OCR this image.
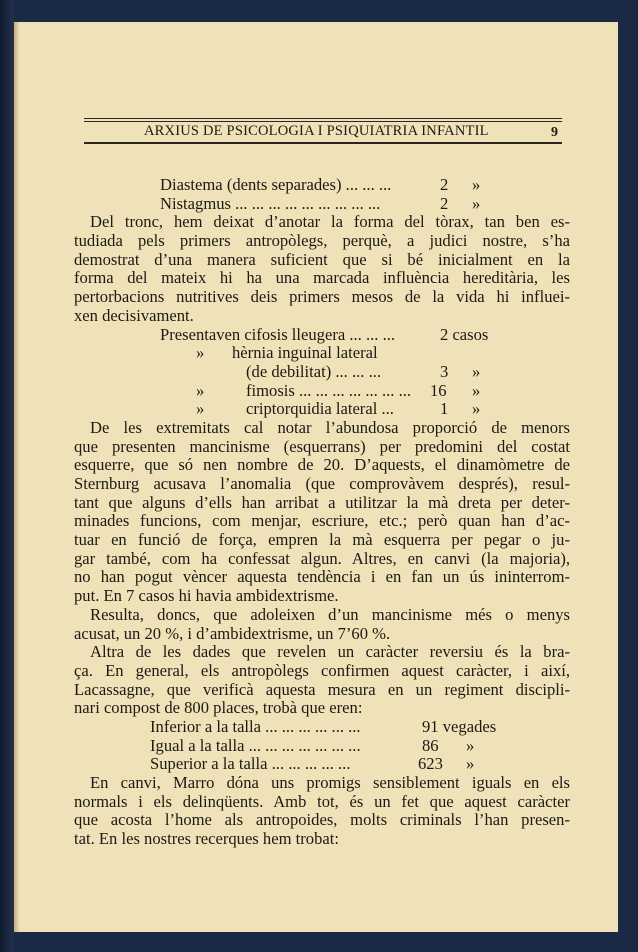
ARXIUS DE PSICOLOGIA I PSIQUIATRIA INFANTIL	9
Diastema (dents separades) ... ... ...	2 »
Nistagmus ... ... ... ... ... ... ... ... ...	2 »
Del tronc, hem deixat d’anotar la forma del tòrax, tan ben es-
tudiada pels primers antropòlegs, perquè, a judici nostre, s’ha
demostrat d’una manera suficient que si bé inicialment en la
forma del mateix hi ha una marcada influència hereditària, les
pertorbacions nutritives deis primers mesos de la vida hi influei-
xen decisivament.
Presentaven cifosis lleugera ... ... ...	2 casos
» hèrnia inguinal lateral
(de debilitat) ... ... ...	3 »
»	fimosis ... ... ... ... ... ... ... 16 »
»	criptorquidia lateral ...	1 »
De les extremitats cal notar l’abundosa proporció de menors
que presenten mancinisme (esquerrans) per predomini del costat
esquerre, que só nen nombre de 20. D’aquests, el dinamòmetre de
Sternburg acusava l’anomalia (que comprovàvem després), resul-
tant que alguns d’ells han arribat a utilitzar la mà dreta per deter-
minades funcions, com menjar, escriure, etc.; però quan han d’ac-
tuar en funció de força, empren la mà esquerra per pegar o ju-
gar també, com ha confessat algun. Altres, en canvi (la majoria),
no han pogut vèncer aquesta tendència i en fan un ús ininterrom-
put. En 7 casos hi havia ambidextrisme.
Resulta, doncs, que adoleixen d’un mancinisme més o menys
acusat, un 20 %, i d’ambidextrisme, un 7’60 %.
Altra de les dades que revelen un caràcter reversiu és la bra-
ça. En general, els antropòlegs confirmen aquest caràcter, i així,
Lacassagne, que verificà aquesta mesura en un regiment discipli-
nari compost de 800 places, trobà que eren:
Inferior a la talla ... ... ... ... ... ...	91 vegades
Igual a la talla ... ... ... ... ... ... ...	86 »
Superior a la talla ... ... ... ... ...	623 »
En canvi, Marro dóna uns promigs sensiblement iguals en els
normals i els delinqüents. Amb tot, és un fet que aquest caràcter
que acosta l’home als antropoides, molts criminals l’han presen-
tat. En les nostres recerques hem trobat:
